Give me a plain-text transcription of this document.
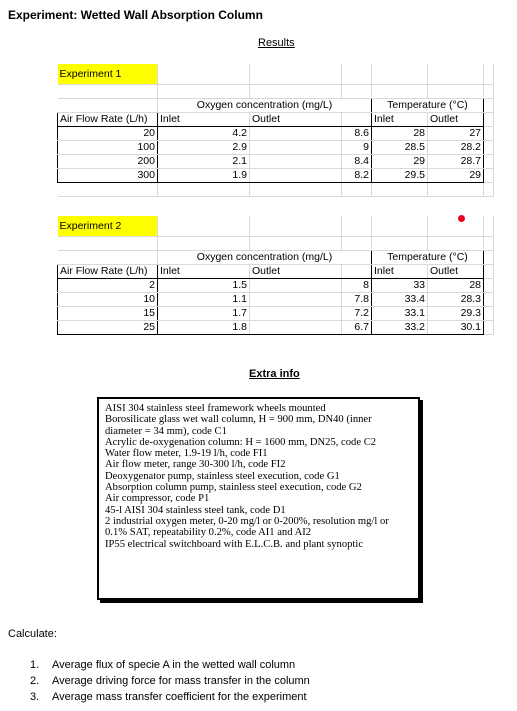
Experiment: Wetted Wall Absorption Column
Results
Experiment 1						

	Oxygen concentration (mg/L)			Temperature (°C)		
Air Flow Rate (L/h)	Inlet	Outlet		Inlet	Outlet	
20	4.2		8.6	28	27	
100	2.9		9	28.5	28.2	
200	2.1		8.4	29	28.7	
300	1.9		8.2	29.5	29	

Experiment 2						

	Oxygen concentration (mg/L)			Temperature (°C)		
Air Flow Rate (L/h)	Inlet	Outlet		Inlet	Outlet	
2	1.5		8	33	28	
10	1.1		7.8	33.4	28.3	
15	1.7		7.2	33.1	29.3	
25	1.8		6.7	33.2	30.1	
Extra info
AISI 304 stainless steel framework wheels mounted
Borosilicate glass wet wall column, H = 900 mm, DN40 (inner
diameter = 34 mm), code C1
Acrylic de-oxygenation column: H = 1600 mm, DN25, code C2
Water flow meter, 1.9-19 l/h, code FI1
Air flow meter, range 30-300 l/h, code FI2
Deoxygenator pump, stainless steel execution, code G1
Absorption column pump, stainless steel execution, code G2
Air compressor, code P1
45-l AISI 304 stainless steel tank, code D1
2 industrial oxygen meter, 0-20 mg/l or 0-200%, resolution mg/l or
0.1% SAT, repeatability 0.2%, code AI1 and AI2
IP55 electrical switchboard with E.L.C.B. and plant synoptic
Calculate:
1. Average flux of specie A in the wetted wall column
2. Average driving force for mass transfer in the column
3. Average mass transfer coefficient for the experiment
